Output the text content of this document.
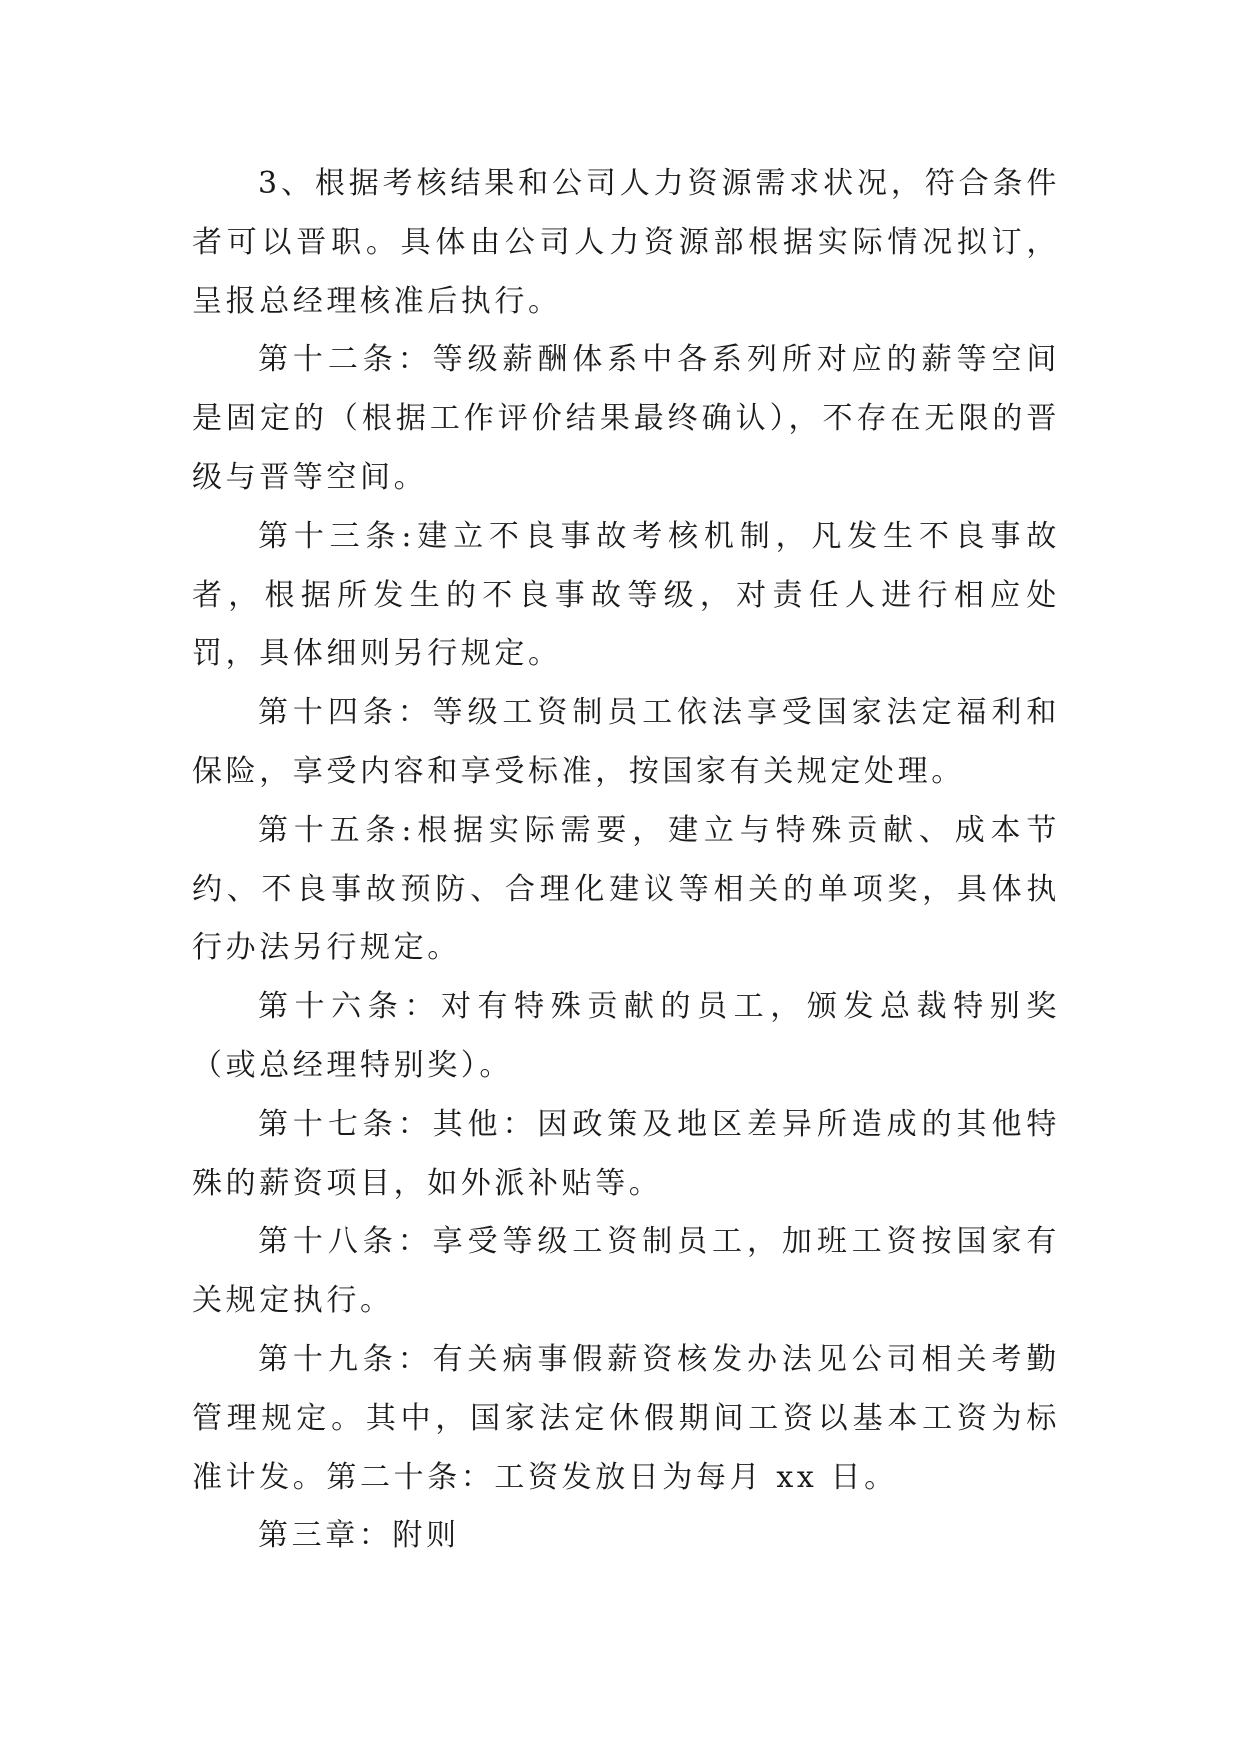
3、根据考核结果和公司人力资源需求状况，符合条件者可以晋职。具体由公司人力资源部根据实际情况拟订，呈报总经理核准后执行。

第十二条：等级薪酬体系中各系列所对应的薪等空间是固定的（根据工作评价结果最终确认），不存在无限的晋级与晋等空间。

第十三条:建立不良事故考核机制，凡发生不良事故者，根据所发生的不良事故等级，对责任人进行相应处罚，具体细则另行规定。

第十四条：等级工资制员工依法享受国家法定福利和保险，享受内容和享受标准，按国家有关规定处理。

第十五条:根据实际需要，建立与特殊贡献、成本节约、不良事故预防、合理化建议等相关的单项奖，具体执行办法另行规定。

第十六条：对有特殊贡献的员工，颁发总裁特别奖（或总经理特别奖）。

第十七条：其他：因政策及地区差异所造成的其他特殊的薪资项目，如外派补贴等。

第十八条：享受等级工资制员工，加班工资按国家有关规定执行。

第十九条：有关病事假薪资核发办法见公司相关考勤管理规定。其中，国家法定休假期间工资以基本工资为标准计发。第二十条：工资发放日为每月 xx 日。

第三章：附则
